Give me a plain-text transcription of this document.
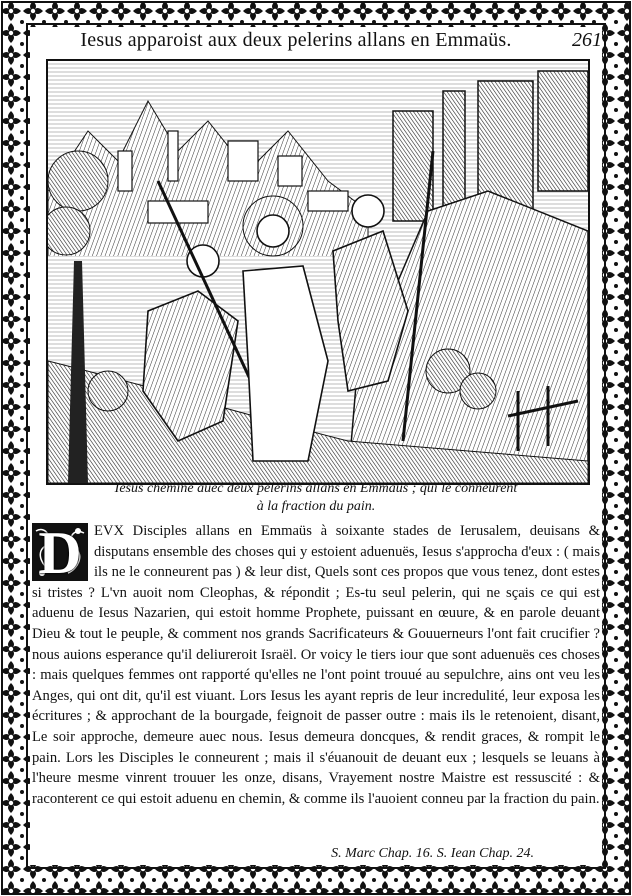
Iesus apparoist aux deux pelerins allans en Emmaüs.	261
Iesus chemine auec deux pelerins allans en Emmaüs ; qui le conneurent
à la fraction du pain.
D EVX Disciples allans en Emmaüs à soixante stades de Ierusalem, deuisans & disputans ensemble des choses qui y estoient aduenuës, Iesus s'approcha d'eux : ( mais ils ne le conneurent pas ) & leur dist, Quels sont ces propos que vous tenez, dont estes si tristes ? L'vn auoit nom Cleophas, & répondit ; Es-tu seul pelerin, qui ne sçais ce qui est aduenu de Iesus Nazarien, qui estoit homme Prophete, puissant en œuure, & en parole deuant Dieu & tout le peuple, & comment nos grands Sacrificateurs & Gouuerneurs l'ont fait crucifier ? nous auions esperance qu'il deliureroit Israël. Or voicy le tiers iour que sont aduenuës ces choses : mais quelques femmes ont rapporté qu'elles ne l'ont point trouué au sepulchre, ains ont veu les Anges, qui ont dit, qu'il est viuant. Lors Iesus les ayant repris de leur incredulité, leur exposa les écritures ; & approchant de la bourgade, feignoit de passer outre : mais ils le retenoient, disant, Le soir approche, demeure auec nous. Iesus demeura doncques, & rendit graces, & rompit le pain. Lors les Disciples le conneurent ; mais il s'éuanouit de deuant eux ; lesquels se leuans à l'heure mesme vinrent trouuer les onze, disans, Vrayement nostre Maistre est ressuscité : & raconterent ce qui estoit aduenu en chemin, & comme ils l'auoient conneu par la fraction du pain.
S. Marc Chap. 16. S. Iean Chap. 24.
